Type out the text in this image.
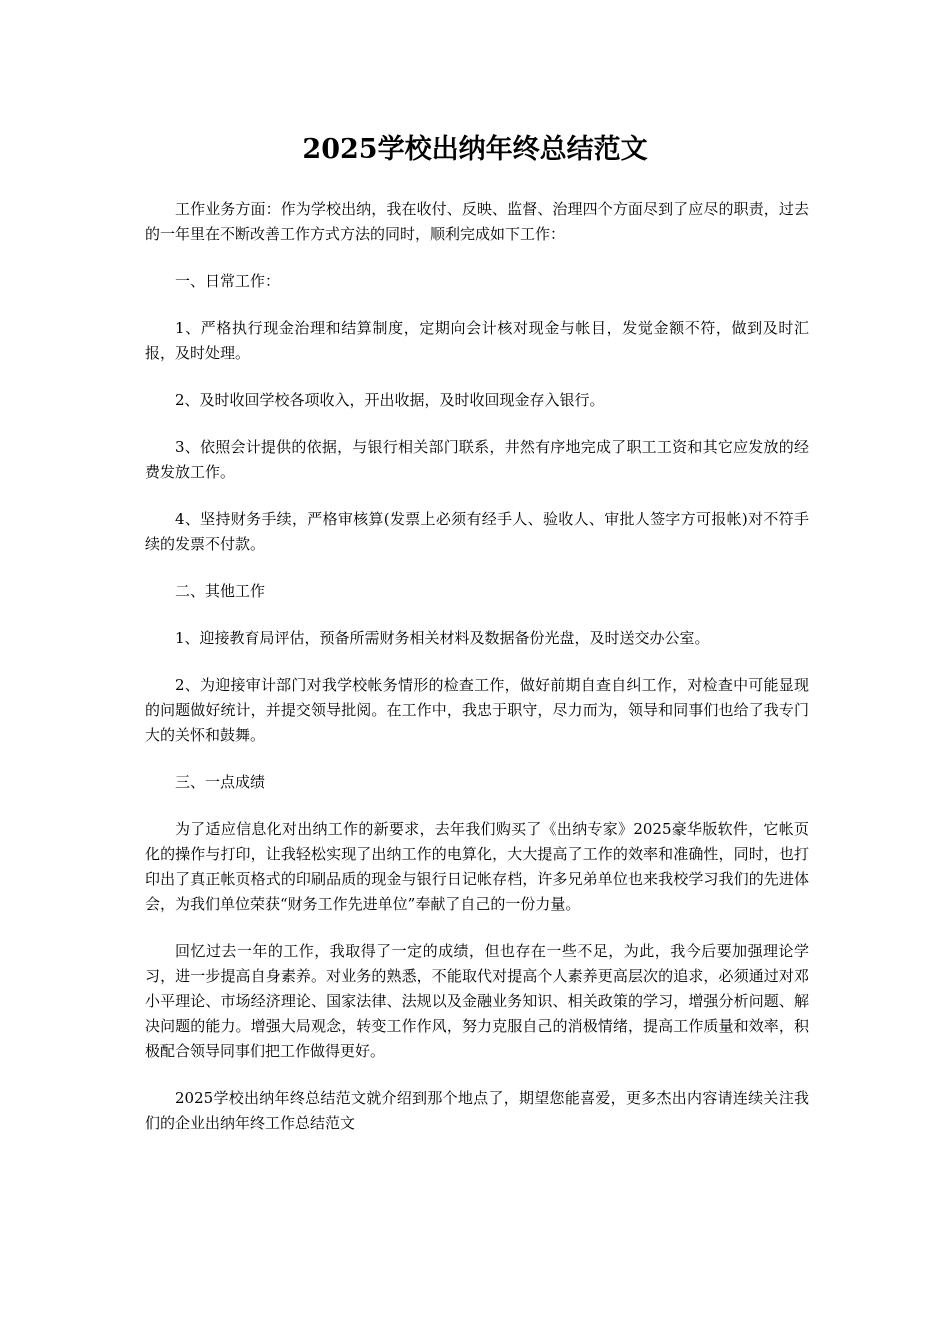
2025学校出纳年终总结范文

工作业务方面：作为学校出纳，我在收付、反映、监督、治理四个方面尽到了应尽的职责，过去的一年里在不断改善工作方式方法的同时，顺利完成如下工作：

一、日常工作：

1、严格执行现金治理和结算制度，定期向会计核对现金与帐目，发觉金额不符，做到及时汇报，及时处理。

2、及时收回学校各项收入，开出收据，及时收回现金存入银行。

3、依照会计提供的依据，与银行相关部门联系，井然有序地完成了职工工资和其它应发放的经费发放工作。

4、坚持财务手续，严格审核算(发票上必须有经手人、验收人、审批人签字方可报帐)对不符手续的发票不付款。

二、其他工作

1、迎接教育局评估，预备所需财务相关材料及数据备份光盘，及时送交办公室。

2、为迎接审计部门对我学校帐务情形的检查工作，做好前期自查自纠工作，对检查中可能显现的问题做好统计，并提交领导批阅。在工作中，我忠于职守，尽力而为，领导和同事们也给了我专门大的关怀和鼓舞。

三、一点成绩

为了适应信息化对出纳工作的新要求，去年我们购买了《出纳专家》2025豪华版软件，它帐页化的操作与打印，让我轻松实现了出纳工作的电算化，大大提高了工作的效率和准确性，同时，也打印出了真正帐页格式的印刷品质的现金与银行日记帐存档，许多兄弟单位也来我校学习我们的先进体会，为我们单位荣获“财务工作先进单位”奉献了自己的一份力量。

回忆过去一年的工作，我取得了一定的成绩，但也存在一些不足，为此，我今后要加强理论学习，进一步提高自身素养。对业务的熟悉，不能取代对提高个人素养更高层次的追求，必须通过对邓小平理论、市场经济理论、国家法律、法规以及金融业务知识、相关政策的学习，增强分析问题、解决问题的能力。增强大局观念，转变工作作风，努力克服自己的消极情绪，提高工作质量和效率，积极配合领导同事们把工作做得更好。

2025学校出纳年终总结范文就介绍到那个地点了，期望您能喜爱，更多杰出内容请连续关注我们的企业出纳年终工作总结范文
